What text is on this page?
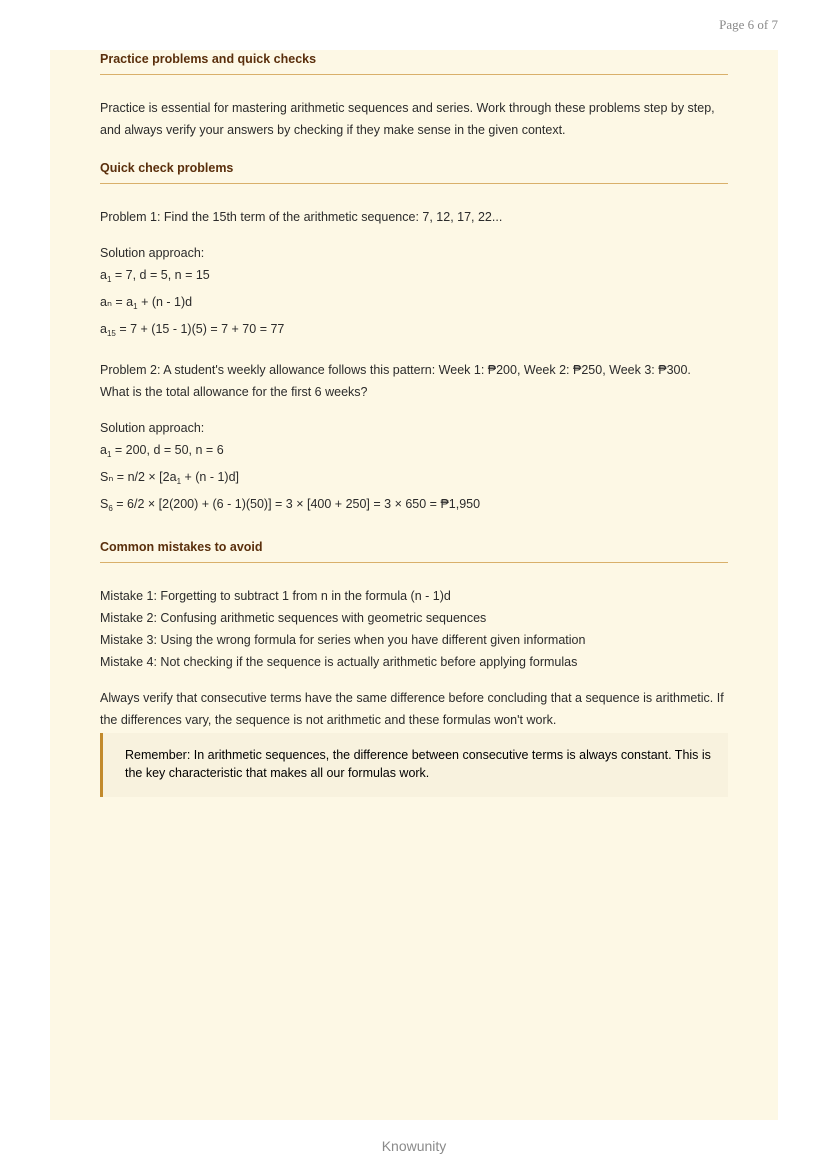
Page 6 of 7
Practice problems and quick checks

Practice is essential for mastering arithmetic sequences and series. Work through these problems step by step, and always verify your answers by checking if they make sense in the given context.

Quick check problems

Problem 1: Find the 15th term of the arithmetic sequence: 7, 12, 17, 22...

Solution approach:

$a_1 = 7$, d = 5, n = 15

$a_n = a_1 + (n - 1)d$

$a_{15} = 7 + (15 - 1)(5) = 7 + 70 = 77$

Problem 2: A student's weekly allowance follows this pattern: Week 1: ₱200, Week 2: ₱250, Week 3: ₱300.

What is the total allowance for the first 6 weeks?

Solution approach:

$a_1 = 200$, d = 50, n = 6

$S_n = n/2 \times [2a_1 + (n - 1)d]$

$S_6 = 6/2 \times [2(200) + (6 - 1)(50)] = 3 \times [400 + 250] = 3 \times 650$ = ₱1,950

Common mistakes to avoid

Mistake 1: Forgetting to subtract 1 from n in the formula (n - 1)d

Mistake 2: Confusing arithmetic sequences with geometric sequences

Mistake 3: Using the wrong formula for series when you have different given information

Mistake 4: Not checking if the sequence is actually arithmetic before applying formulas

Always verify that consecutive terms have the same difference before concluding that a sequence is arithmetic. If the differences vary, the sequence is not arithmetic and these formulas won't work.

Remember: In arithmetic sequences, the difference between consecutive terms is always constant. This is the key characteristic that makes all our formulas work.

Knowunity
